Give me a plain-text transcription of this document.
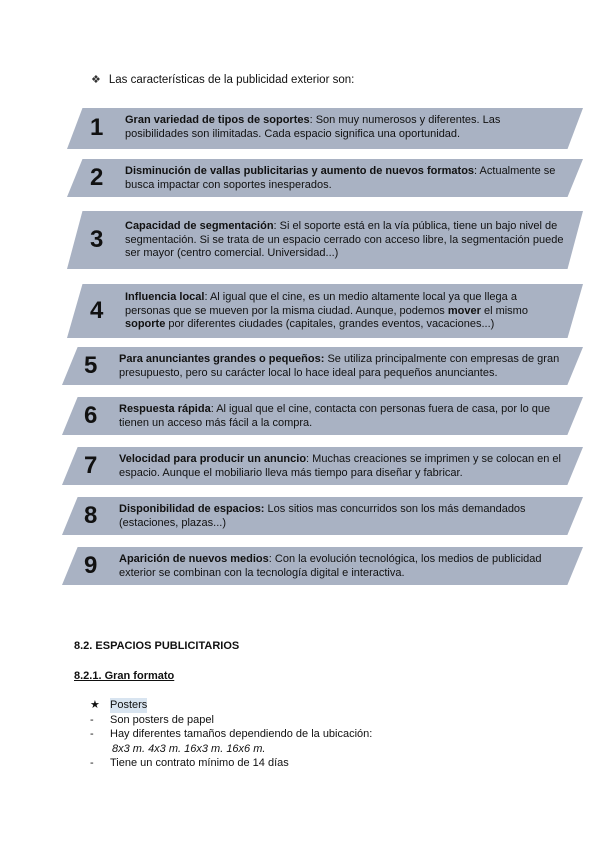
❖ Las características de la publicidad exterior son:
1 Gran variedad de tipos de soportes: Son muy numerosos y diferentes. Las posibilidades son ilimitadas. Cada espacio significa una oportunidad.
2 Disminución de vallas publicitarias y aumento de nuevos formatos: Actualmente se busca impactar con soportes inesperados.
3 Capacidad de segmentación: Si el soporte está en la vía pública, tiene un bajo nivel de segmentación. Si se trata de un espacio cerrado con acceso libre, la segmentación puede ser mayor (centro comercial. Universidad...)
4 Influencia local: Al igual que el cine, es un medio altamente local ya que llega a personas que se mueven por la misma ciudad. Aunque, podemos mover el mismo soporte por diferentes ciudades (capitales, grandes eventos, vacaciones...)
5 Para anunciantes grandes o pequeños: Se utiliza principalmente con empresas de gran presupuesto, pero su carácter local lo hace ideal para pequeños anunciantes.
6 Respuesta rápida: Al igual que el cine, contacta con personas fuera de casa, por lo que tienen un acceso más fácil a la compra.
7 Velocidad para producir un anuncio: Muchas creaciones se imprimen y se colocan en el espacio. Aunque el mobiliario lleva más tiempo para diseñar y fabricar.
8 Disponibilidad de espacios: Los sitios mas concurridos son los más demandados (estaciones, plazas...)
9 Aparición de nuevos medios: Con la evolución tecnológica, los medios de publicidad exterior se combinan con la tecnología digital e interactiva.
8.2. ESPACIOS PUBLICITARIOS
8.2.1. Gran formato
★ Posters
-	Son posters de papel
-	Hay diferentes tamaños dependiendo de la ubicación:
8x3 m. 4x3 m. 16x3 m. 16x6 m.
-	Tiene un contrato mínimo de 14 días
